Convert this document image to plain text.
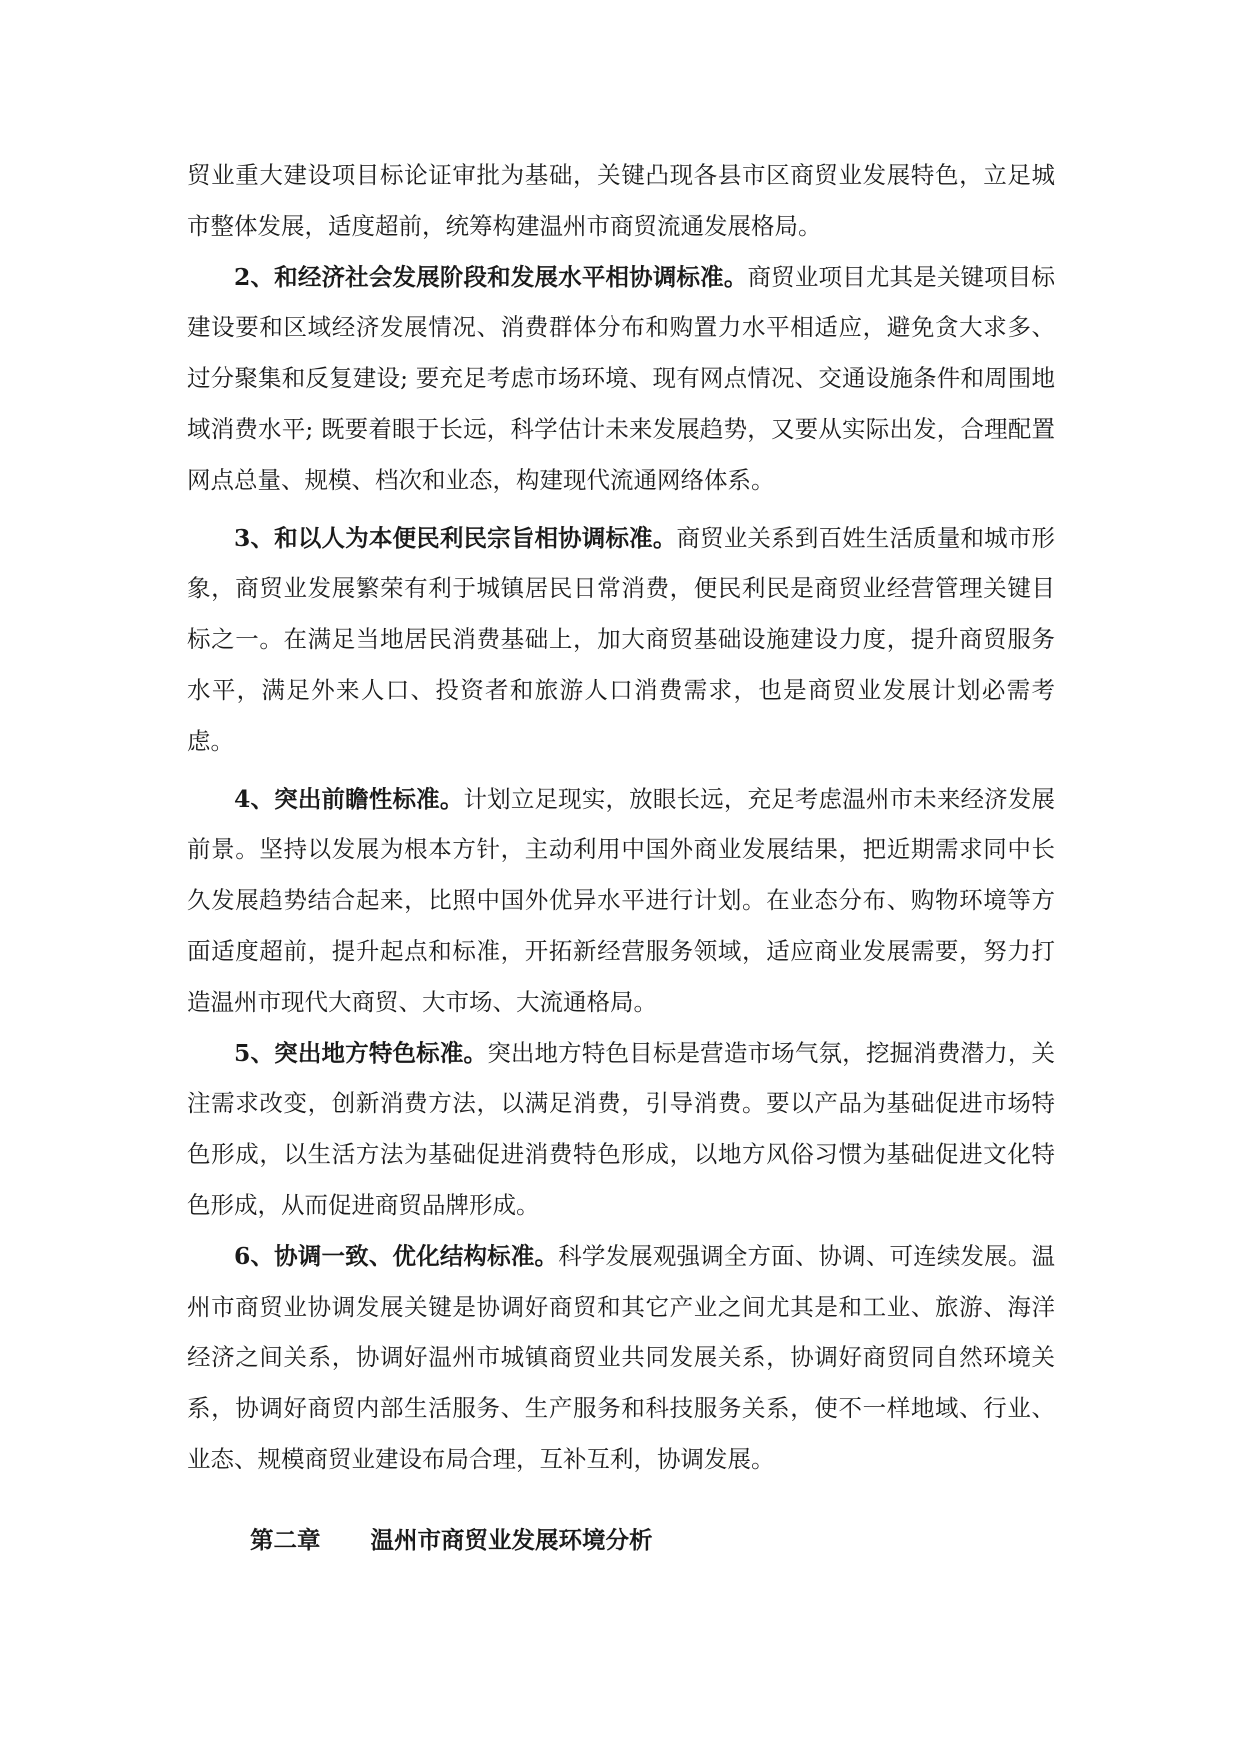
贸业重大建设项目标论证审批为基础，关键凸现各县市区商贸业发展特色，立足城市整体发展，适度超前，统筹构建温州市商贸流通发展格局。

2、和经济社会发展阶段和发展水平相协调标准。商贸业项目尤其是关键项目标建设要和区域经济发展情况、消费群体分布和购置力水平相适应，避免贪大求多、过分聚集和反复建设; 要充足考虑市场环境、现有网点情况、交通设施条件和周围地域消费水平; 既要着眼于长远，科学估计未来发展趋势，又要从实际出发，合理配置网点总量、规模、档次和业态，构建现代流通网络体系。

3、和以人为本便民利民宗旨相协调标准。商贸业关系到百姓生活质量和城市形象，商贸业发展繁荣有利于城镇居民日常消费，便民利民是商贸业经营管理关键目标之一。在满足当地居民消费基础上，加大商贸基础设施建设力度，提升商贸服务水平，满足外来人口、投资者和旅游人口消费需求，也是商贸业发展计划必需考虑。

4、突出前瞻性标准。计划立足现实，放眼长远，充足考虑温州市未来经济发展前景。坚持以发展为根本方针，主动利用中国外商业发展结果，把近期需求同中长久发展趋势结合起来，比照中国外优异水平进行计划。在业态分布、购物环境等方面适度超前，提升起点和标准，开拓新经营服务领域，适应商业发展需要，努力打造温州市现代大商贸、大市场、大流通格局。

5、突出地方特色标准。突出地方特色目标是营造市场气氛，挖掘消费潜力，关注需求改变，创新消费方法，以满足消费，引导消费。要以产品为基础促进市场特色形成，以生活方法为基础促进消费特色形成，以地方风俗习惯为基础促进文化特色形成，从而促进商贸品牌形成。

6、协调一致、优化结构标准。科学发展观强调全方面、协调、可连续发展。温州市商贸业协调发展关键是协调好商贸和其它产业之间尤其是和工业、旅游、海洋经济之间关系，协调好温州市城镇商贸业共同发展关系，协调好商贸同自然环境关系，协调好商贸内部生活服务、生产服务和科技服务关系，使不一样地域、行业、业态、规模商贸业建设布局合理，互补互利，协调发展。

第二章 温州市商贸业发展环境分析
